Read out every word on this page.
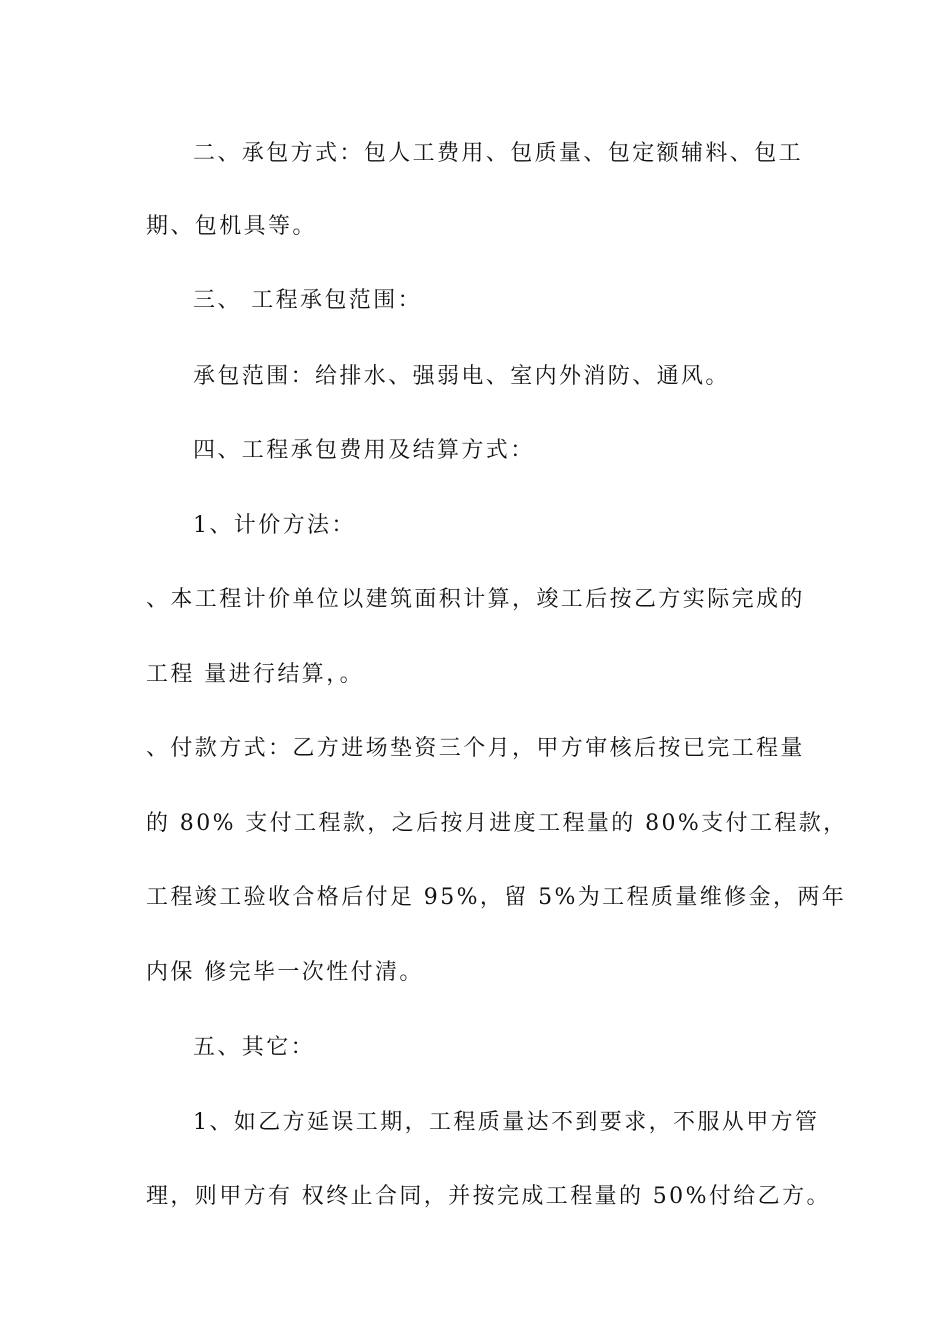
二、承包方式：包人工费用、包质量、包定额辅料、包工
期、包机具等。
三、 工程承包范围：
承包范围：给排水、强弱电、室内外消防、通风。
四、工程承包费用及结算方式：
1、计价方法：
、本工程计价单位以建筑面积计算，竣工后按乙方实际完成的
工程 量进行结算，。
、付款方式：乙方进场垫资三个月，甲方审核后按已完工程量
的 80% 支付工程款，之后按月进度工程量的 80%支付工程款，
工程竣工验收合格后付足 95%，留 5%为工程质量维修金，两年
内保 修完毕一次性付清。
五、其它：
1、如乙方延误工期，工程质量达不到要求，不服从甲方管
理，则甲方有 权终止合同，并按完成工程量的 50%付给乙方。
